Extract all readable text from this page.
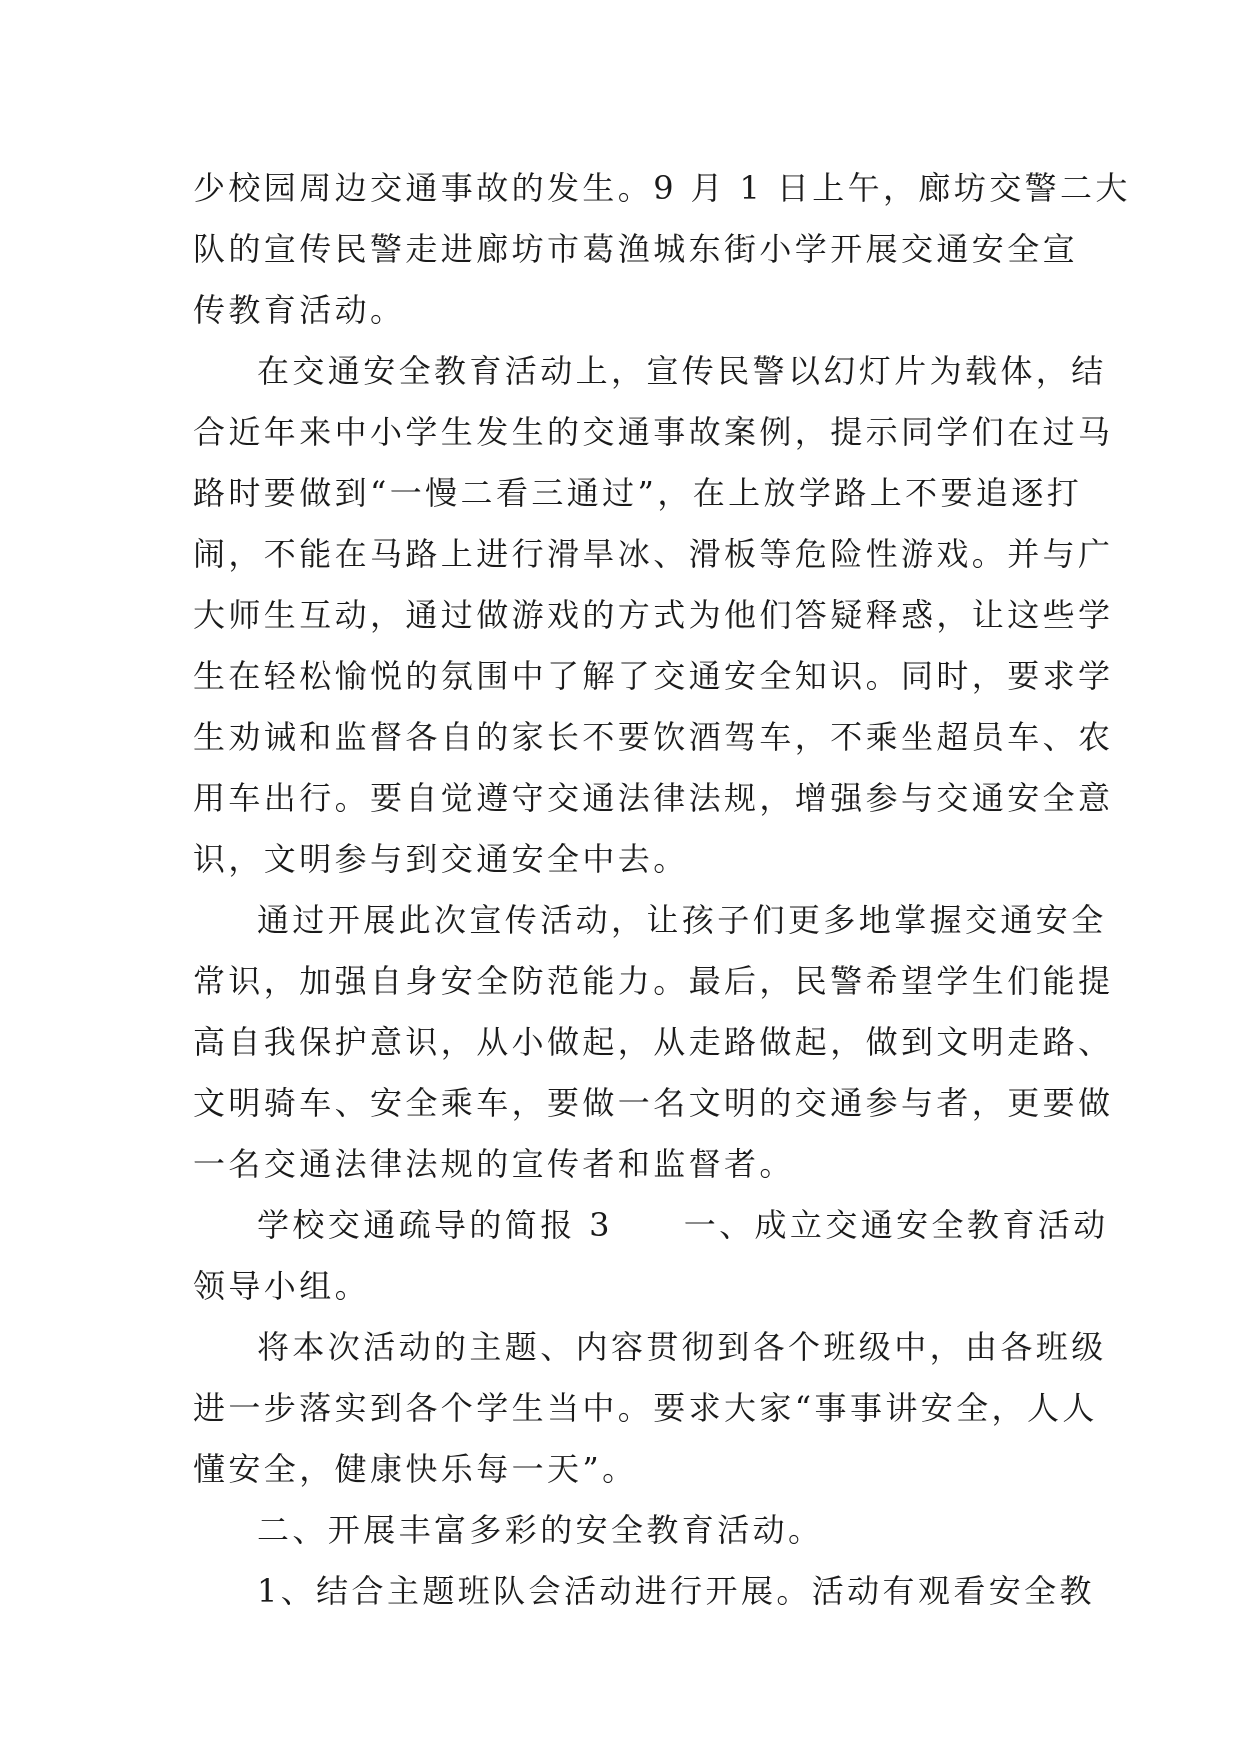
少校园周边交通事故的发生。9 月 1 日上午，廊坊交警二大
队的宣传民警走进廊坊市葛渔城东街小学开展交通安全宣
传教育活动。
在交通安全教育活动上，宣传民警以幻灯片为载体，结
合近年来中小学生发生的交通事故案例，提示同学们在过马
路时要做到“一慢二看三通过”，在上放学路上不要追逐打
闹，不能在马路上进行滑旱冰、滑板等危险性游戏。并与广
大师生互动，通过做游戏的方式为他们答疑释惑，让这些学
生在轻松愉悦的氛围中了解了交通安全知识。同时，要求学
生劝诫和监督各自的家长不要饮酒驾车，不乘坐超员车、农
用车出行。要自觉遵守交通法律法规，增强参与交通安全意
识，文明参与到交通安全中去。
通过开展此次宣传活动，让孩子们更多地掌握交通安全
常识，加强自身安全防范能力。最后，民警希望学生们能提
高自我保护意识，从小做起，从走路做起，做到文明走路、
文明骑车、安全乘车，要做一名文明的交通参与者，更要做
一名交通法律法规的宣传者和监督者。
学校交通疏导的简报 3　　一、成立交通安全教育活动
领导小组。
将本次活动的主题、内容贯彻到各个班级中，由各班级
进一步落实到各个学生当中。要求大家“事事讲安全，人人
懂安全，健康快乐每一天”。
二、开展丰富多彩的安全教育活动。
1、结合主题班队会活动进行开展。活动有观看安全教
